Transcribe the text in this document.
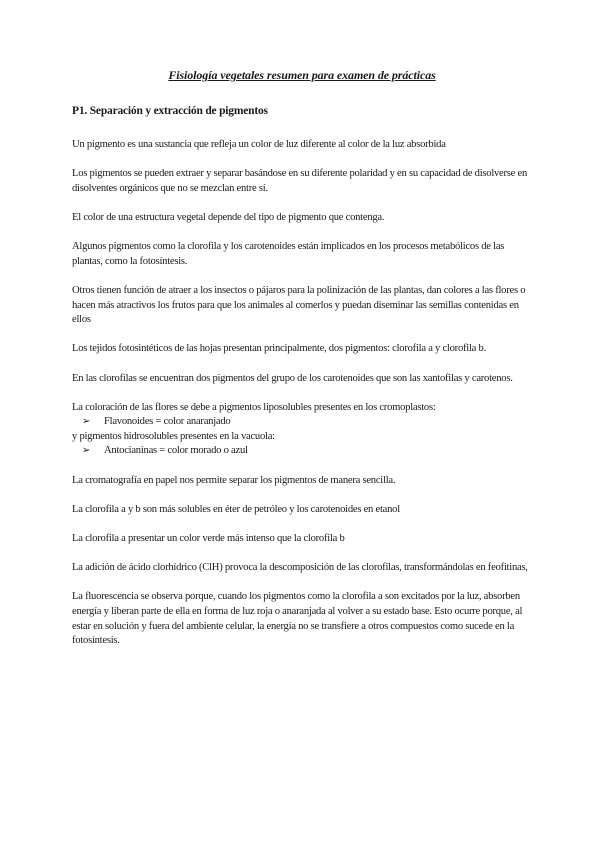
Fisiología vegetales resumen para examen de prácticas
P1. Separación y extracción de pigmentos
Un pigmento es una sustancia que refleja un color de luz diferente al color de la luz absorbida
Los pigmentos se pueden extraer y separar basándose en su diferente polaridad y en su capacidad de disolverse en disolventes orgánicos que no se mezclan entre sí.
El color de una estructura vegetal depende del tipo de pigmento que contenga.
Algunos pigmentos como la clorofila y los carotenoides están implicados en los procesos metabólicos de las plantas, como la fotosíntesis.
Otros tienen función de atraer a los insectos o pájaros para la polinización de las plantas, dan colores a las flores o hacen más atractivos los frutos para que los animales al comerlos y puedan diseminar las semillas contenidas en ellos
Los tejidos fotosintéticos de las hojas presentan principalmente, dos pigmentos: clorofila a y clorofila b.
En las clorofilas se encuentran dos pigmentos del grupo de los carotenoides que son las xantofilas y carotenos.
La coloración de las flores se debe a pigmentos liposolubles presentes en los cromoplastos:
➢ Flavonoides = color anaranjado
y pigmentos hidrosolubles presentes en la vacuola:
➢ Antocianinas = color morado o azul
La cromatografía en papel nos permite separar los pigmentos de manera sencilla.
La clorofila a y b son más solubles en éter de petróleo y los carotenoides en etanol
La clorofila a presentar un color verde más intenso que la clorofila b
La adición de ácido clorhídrico (ClH) provoca la descomposición de las clorofilas, transformándolas en feofitinas,
La fluorescencia se observa porque, cuando los pigmentos como la clorofila a son excitados por la luz, absorben energía y liberan parte de ella en forma de luz roja o anaranjada al volver a su estado base. Esto ocurre porque, al estar en solución y fuera del ambiente celular, la energía no se transfiere a otros compuestos como sucede en la fotosíntesis.
